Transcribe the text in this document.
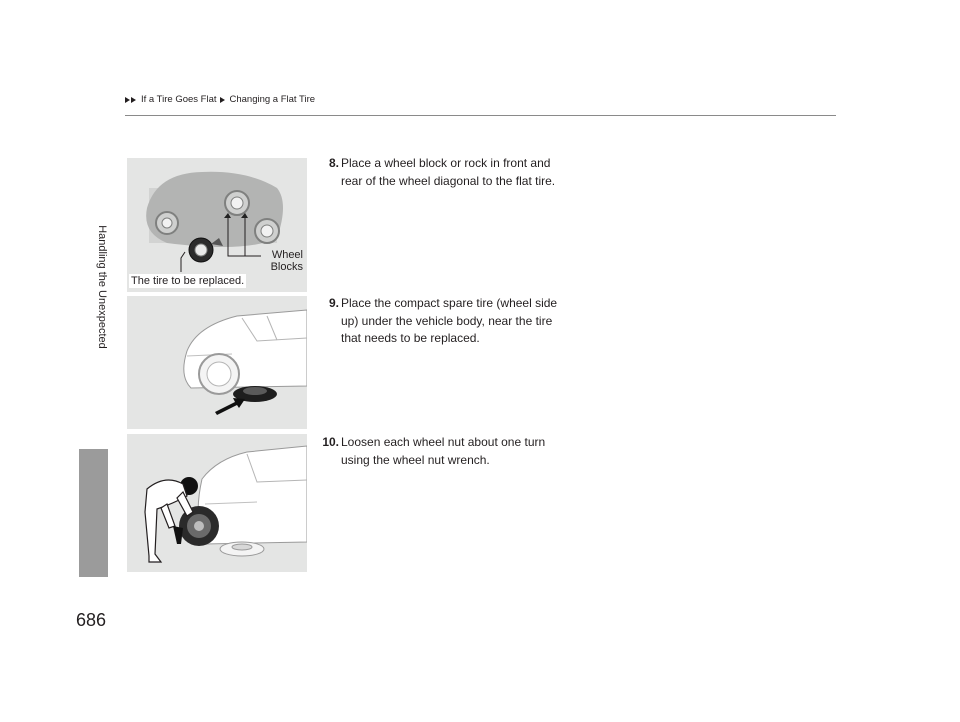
If a Tire Goes Flat Changing a Flat Tire
Handling the Unexpected
686
Wheel
Blocks
The tire to be replaced.
8. Place a wheel block or rock in front and
rear of the wheel diagonal to the flat tire.
9. Place the compact spare tire (wheel side
up) under the vehicle body, near the tire
that needs to be replaced.
10. Loosen each wheel nut about one turn
using the wheel nut wrench.
